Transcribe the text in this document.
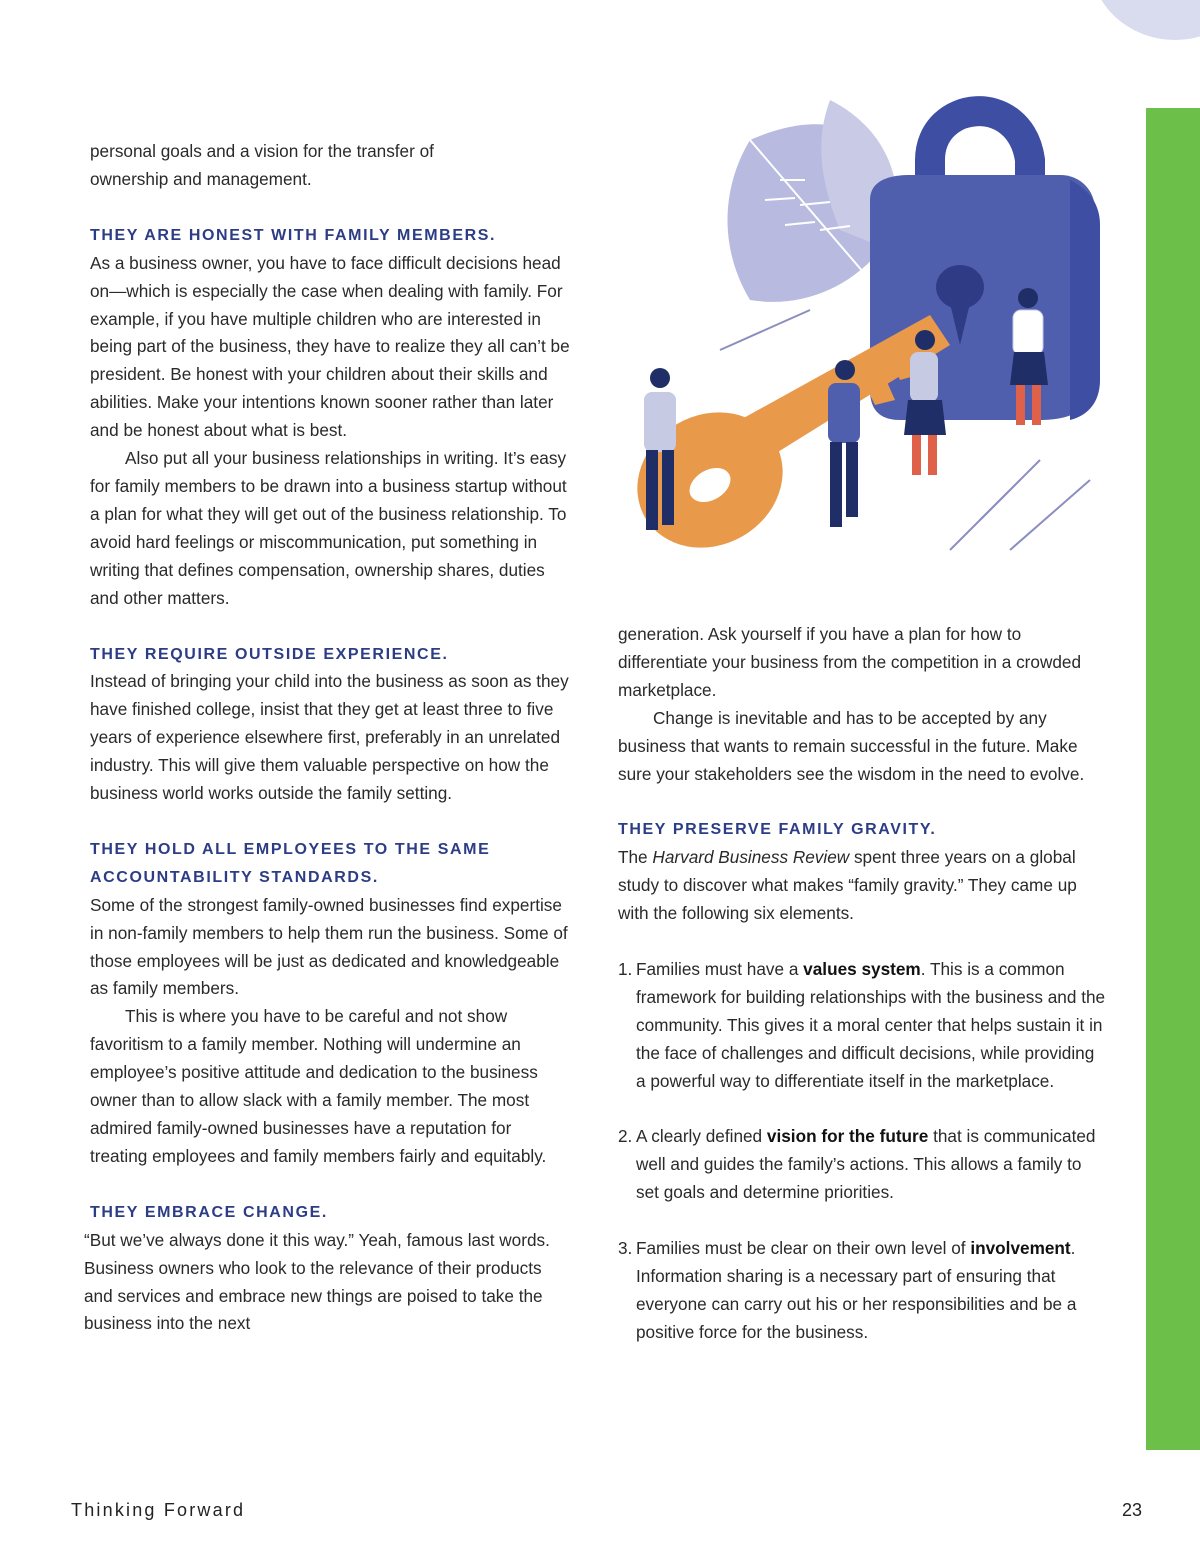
personal goals and a vision for the transfer of

ownership and management.

THEY ARE HONEST WITH FAMILY MEMBERS.

As a business owner, you have to face difficult decisions head on—which is especially the case when dealing with family. For example, if you have multiple children who are interested in being part of the business, they have to realize they all can’t be president. Be honest with your children about their skills and abilities. Make your intentions known sooner rather than later and be honest about what is best.

Also put all your business relationships in writing. It’s easy for family members to be drawn into a business startup without a plan for what they will get out of the business relationship. To avoid hard feelings or miscommunication, put something in writing that defines compensation, ownership shares, duties and other matters.

THEY REQUIRE OUTSIDE EXPERIENCE.

Instead of bringing your child into the business as soon as they have finished college, insist that they get at least three to five years of experience elsewhere first, preferably in an unrelated industry. This will give them valuable perspective on how the business world works outside the family setting.

THEY HOLD ALL EMPLOYEES TO THE SAME ACCOUNTABILITY STANDARDS.

Some of the strongest family-owned businesses find expertise in non-family members to help them run the business. Some of those employees will be just as dedicated and knowledgeable as family members.

This is where you have to be careful and not show favoritism to a family member. Nothing will undermine an employee’s positive attitude and dedication to the business owner than to allow slack with a family member. The most admired family-owned businesses have a reputation for treating employees and family members fairly and equitably.

THEY EMBRACE CHANGE.

“But we’ve always done it this way.” Yeah, famous last words. Business owners who look to the relevance of their products and services and embrace new things are poised to take the business into the next

generation. Ask yourself if you have a plan for how to differentiate your business from the competition in a crowded marketplace.

Change is inevitable and has to be accepted by any business that wants to remain successful in the future. Make sure your stakeholders see the wisdom in the need to evolve.

THEY PRESERVE FAMILY GRAVITY.

The Harvard Business Review spent three years on a global study to discover what makes “family gravity.” They came up with the following six elements.

1. Families must have a values system. This is a common framework for building relationships with the business and the community. This gives it a moral center that helps sustain it in the face of challenges and difficult decisions, while providing a powerful way to differentiate itself in the marketplace.
2. A clearly defined vision for the future that is communicated well and guides the family’s actions. This allows a family to set goals and determine priorities.
3. Families must be clear on their own level of involvement. Information sharing is a necessary part of ensuring that everyone can carry out his or her responsibilities and be a positive force for the business.
Thinking Forward	23
